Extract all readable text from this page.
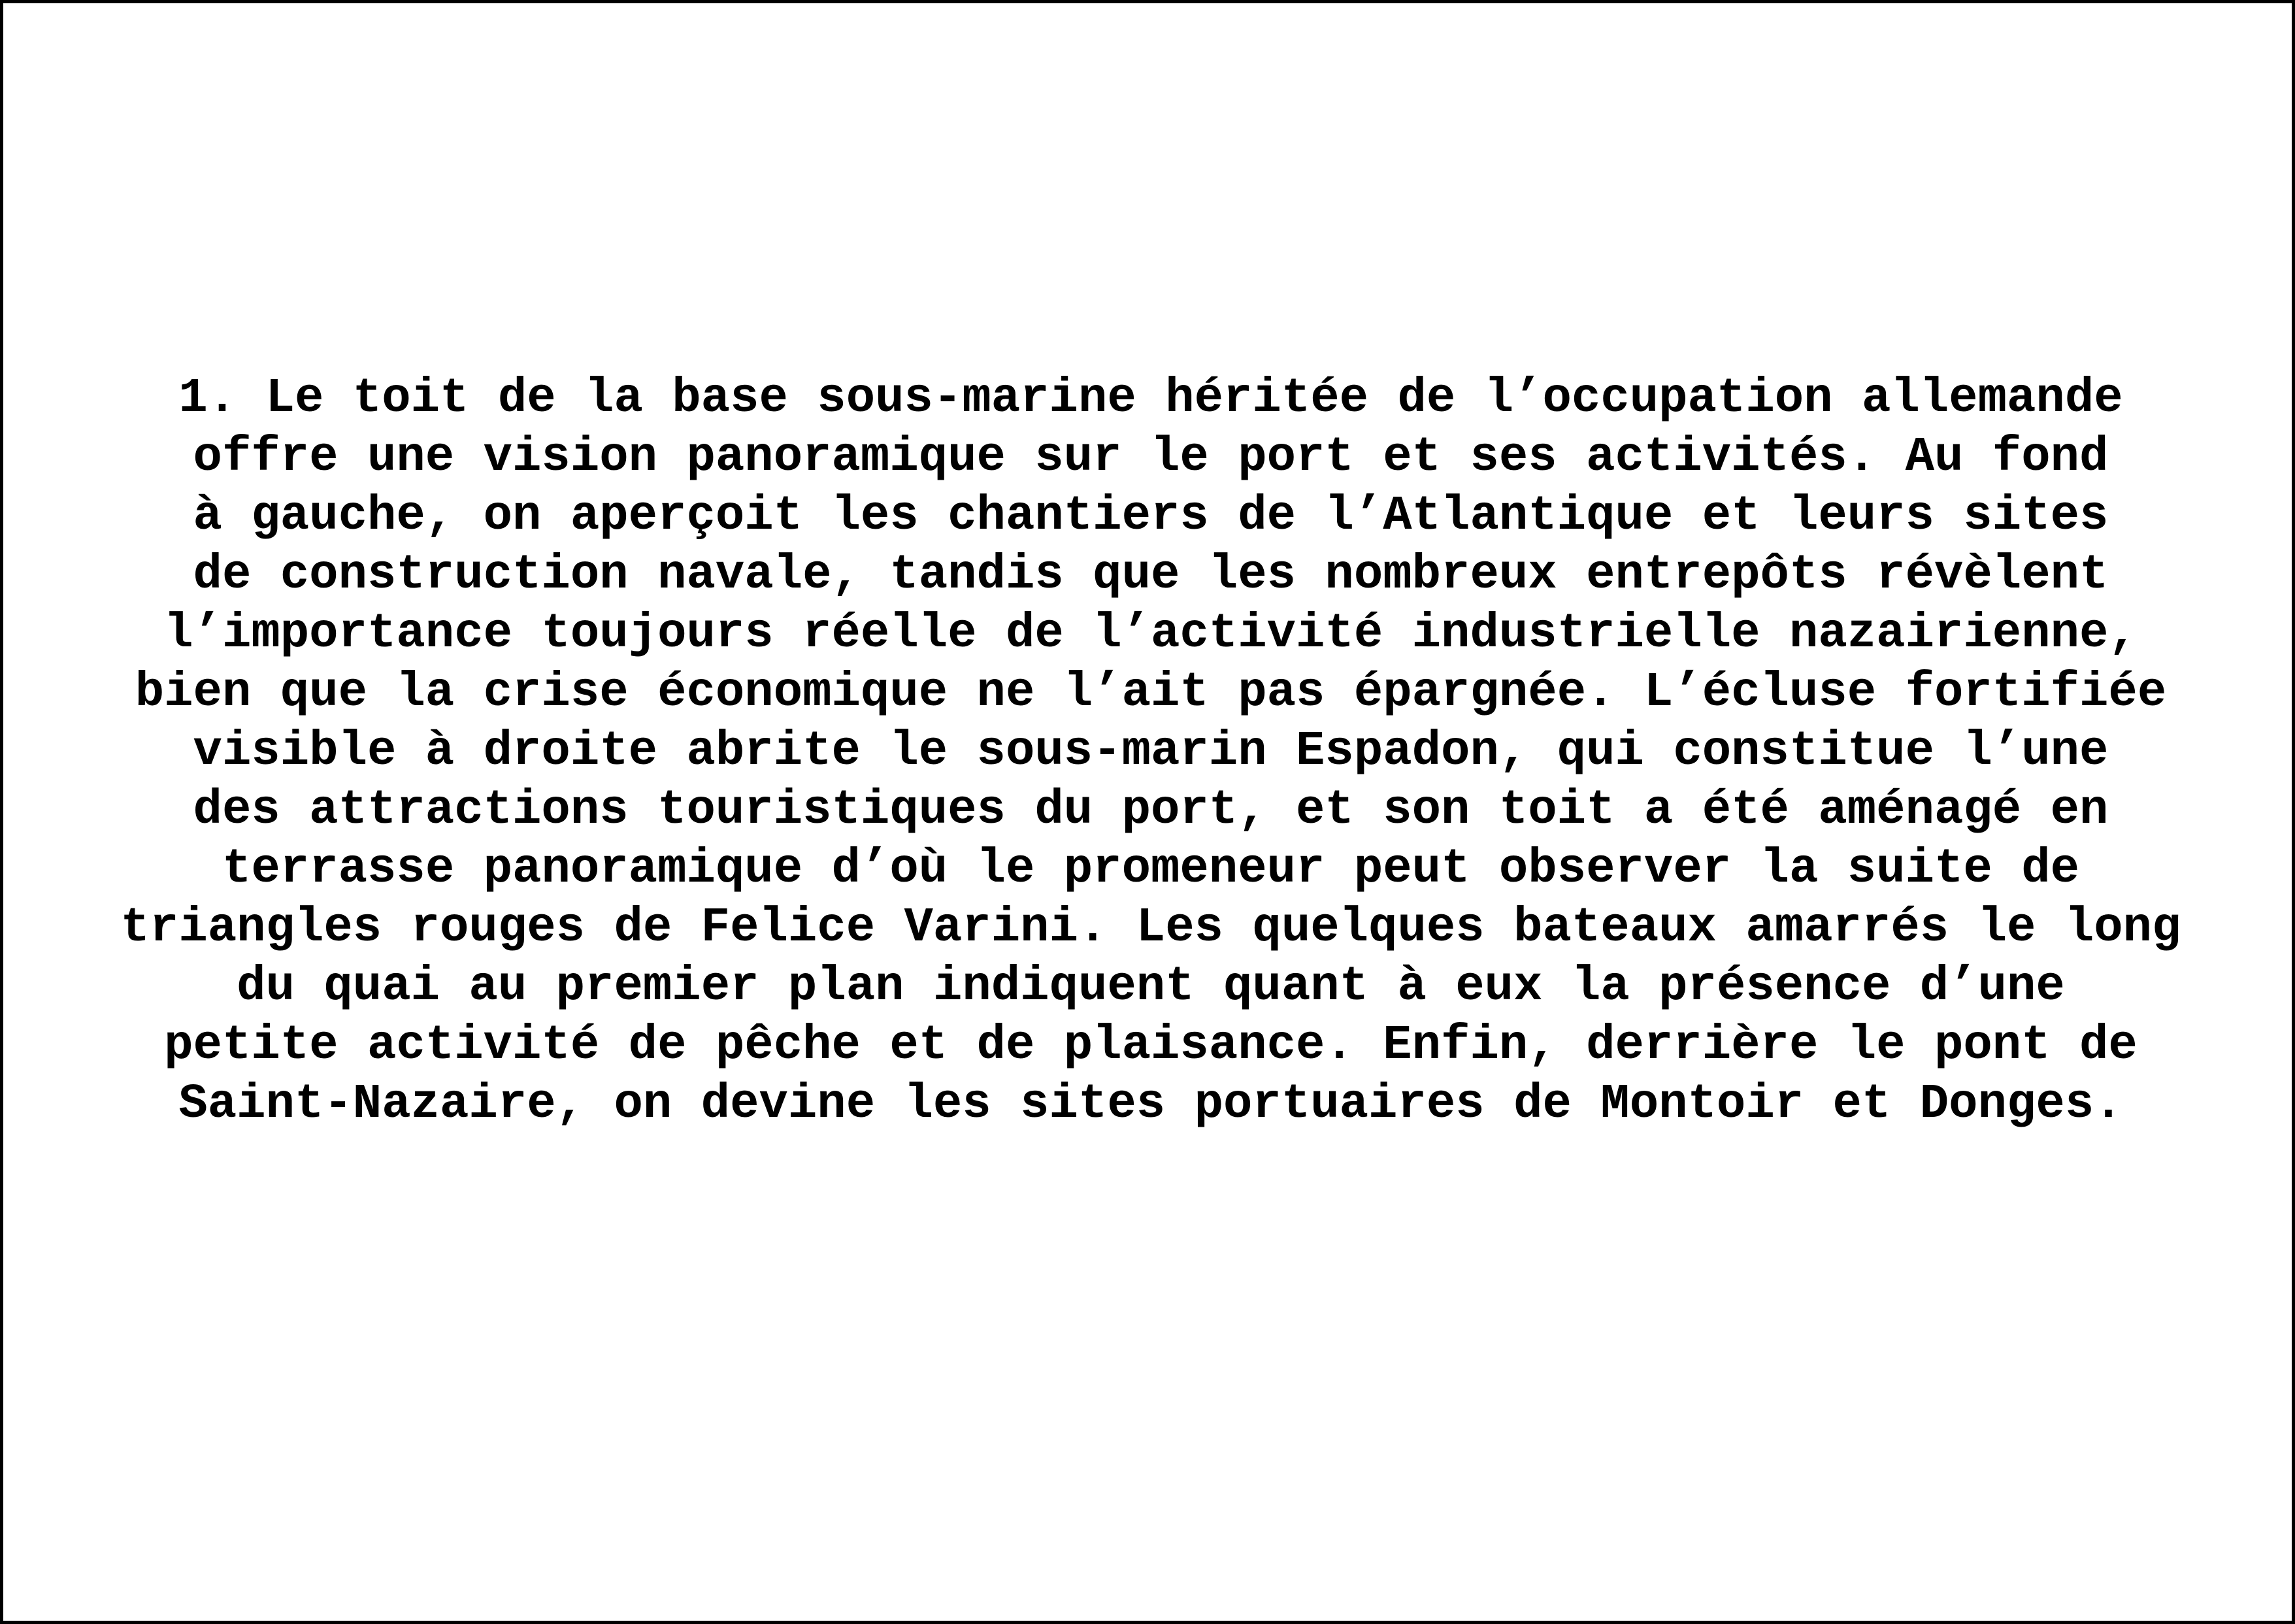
1. Le toit de la base sous-marine héritée de l’occupation allemande
offre une vision panoramique sur le port et ses activités. Au fond
à gauche, on aperçoit les chantiers de l’Atlantique et leurs sites
de construction navale, tandis que les nombreux entrepôts révèlent
l’importance toujours réelle de l’activité industrielle nazairienne,
bien que la crise économique ne l’ait pas épargnée. L’écluse fortifiée
visible à droite abrite le sous-marin Espadon, qui constitue l’une
des attractions touristiques du port, et son toit a été aménagé en
terrasse panoramique d’où le promeneur peut observer la suite de
triangles rouges de Felice Varini. Les quelques bateaux amarrés le long
du quai au premier plan indiquent quant à eux la présence d’une
petite activité de pêche et de plaisance. Enfin, derrière le pont de
Saint-Nazaire, on devine les sites portuaires de Montoir et Donges.
